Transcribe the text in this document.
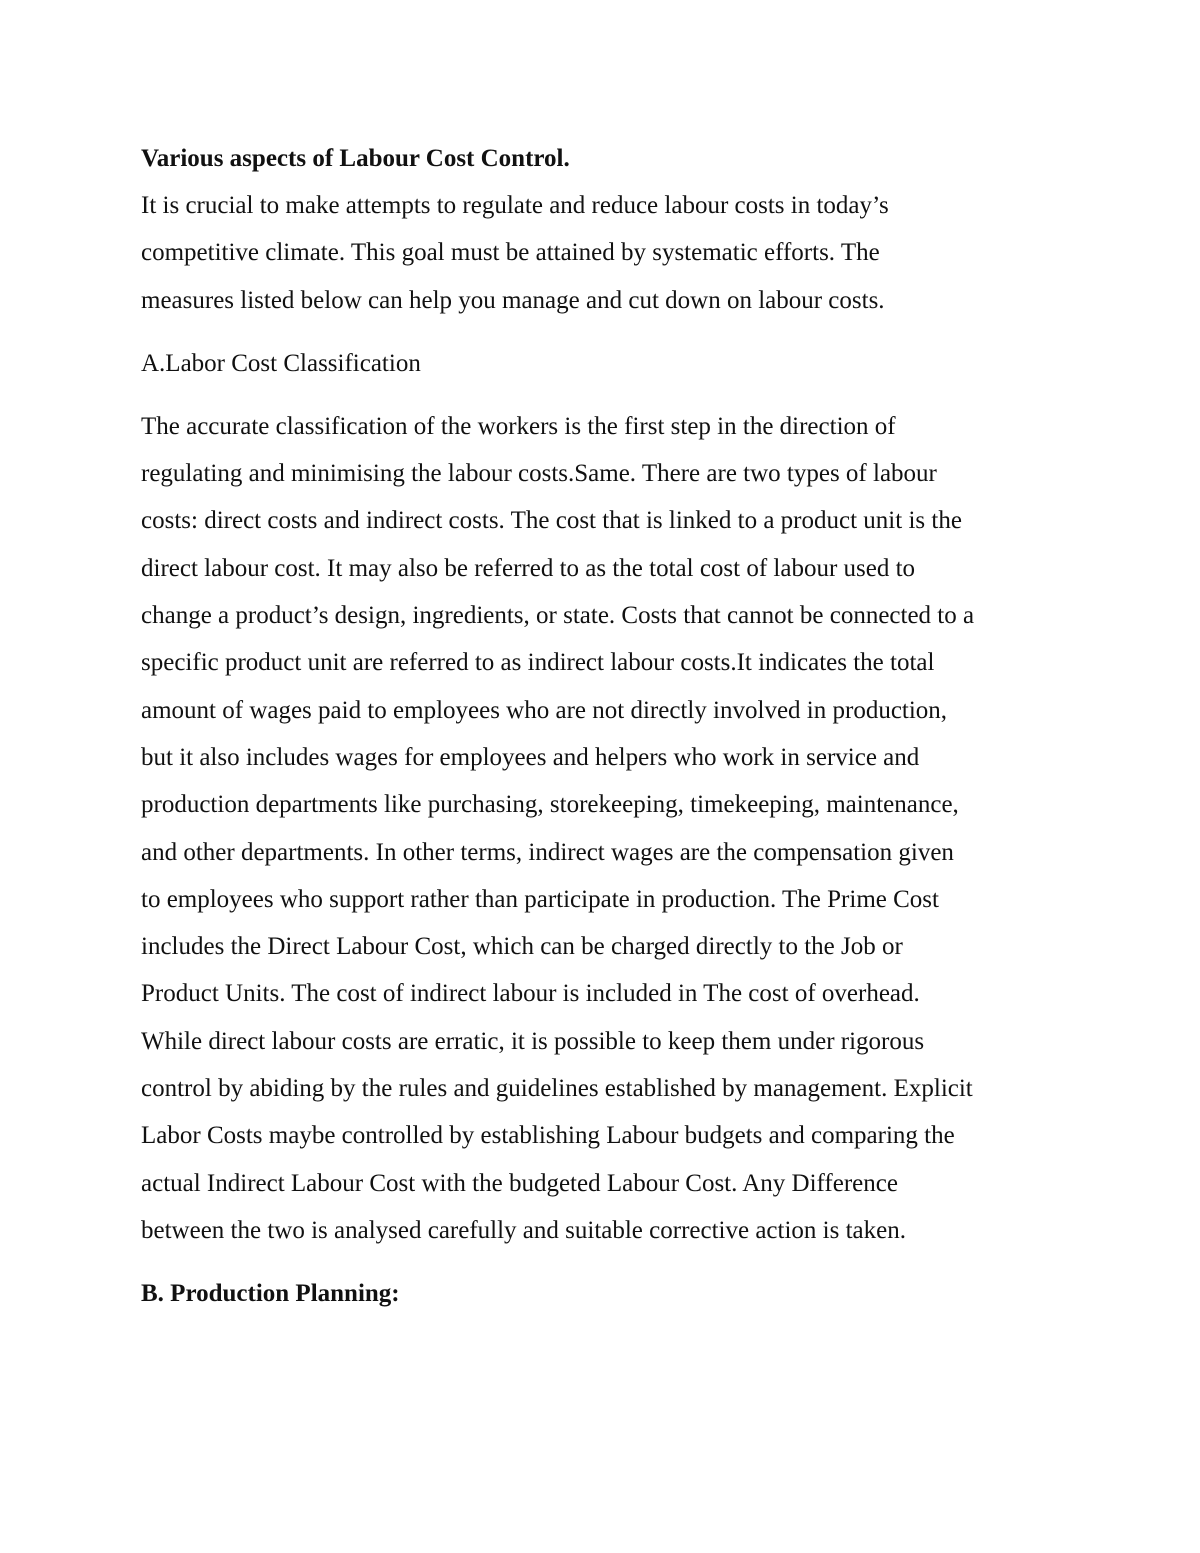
Various aspects of Labour Cost Control.

It is crucial to make attempts to regulate and reduce labour costs in today’s

competitive climate. This goal must be attained by systematic efforts. The

measures listed below can help you manage and cut down on labour costs.

A.Labor Cost Classification

The accurate classification of the workers is the first step in the direction of

regulating and minimising the labour costs.Same. There are two types of labour

costs: direct costs and indirect costs. The cost that is linked to a product unit is the

direct labour cost. It may also be referred to as the total cost of labour used to

change a product’s design, ingredients, or state. Costs that cannot be connected to a

specific product unit are referred to as indirect labour costs.It indicates the total

amount of wages paid to employees who are not directly involved in production,

but it also includes wages for employees and helpers who work in service and

production departments like purchasing, storekeeping, timekeeping, maintenance,

and other departments. In other terms, indirect wages are the compensation given

to employees who support rather than participate in production. The Prime Cost

includes the Direct Labour Cost, which can be charged directly to the Job or

Product Units. The cost of indirect labour is included in The cost of overhead.

While direct labour costs are erratic, it is possible to keep them under rigorous

control by abiding by the rules and guidelines established by management. Explicit

Labor Costs maybe controlled by establishing Labour budgets and comparing the

actual Indirect Labour Cost with the budgeted Labour Cost. Any Difference

between the two is analysed carefully and suitable corrective action is taken.

B. Production Planning:
